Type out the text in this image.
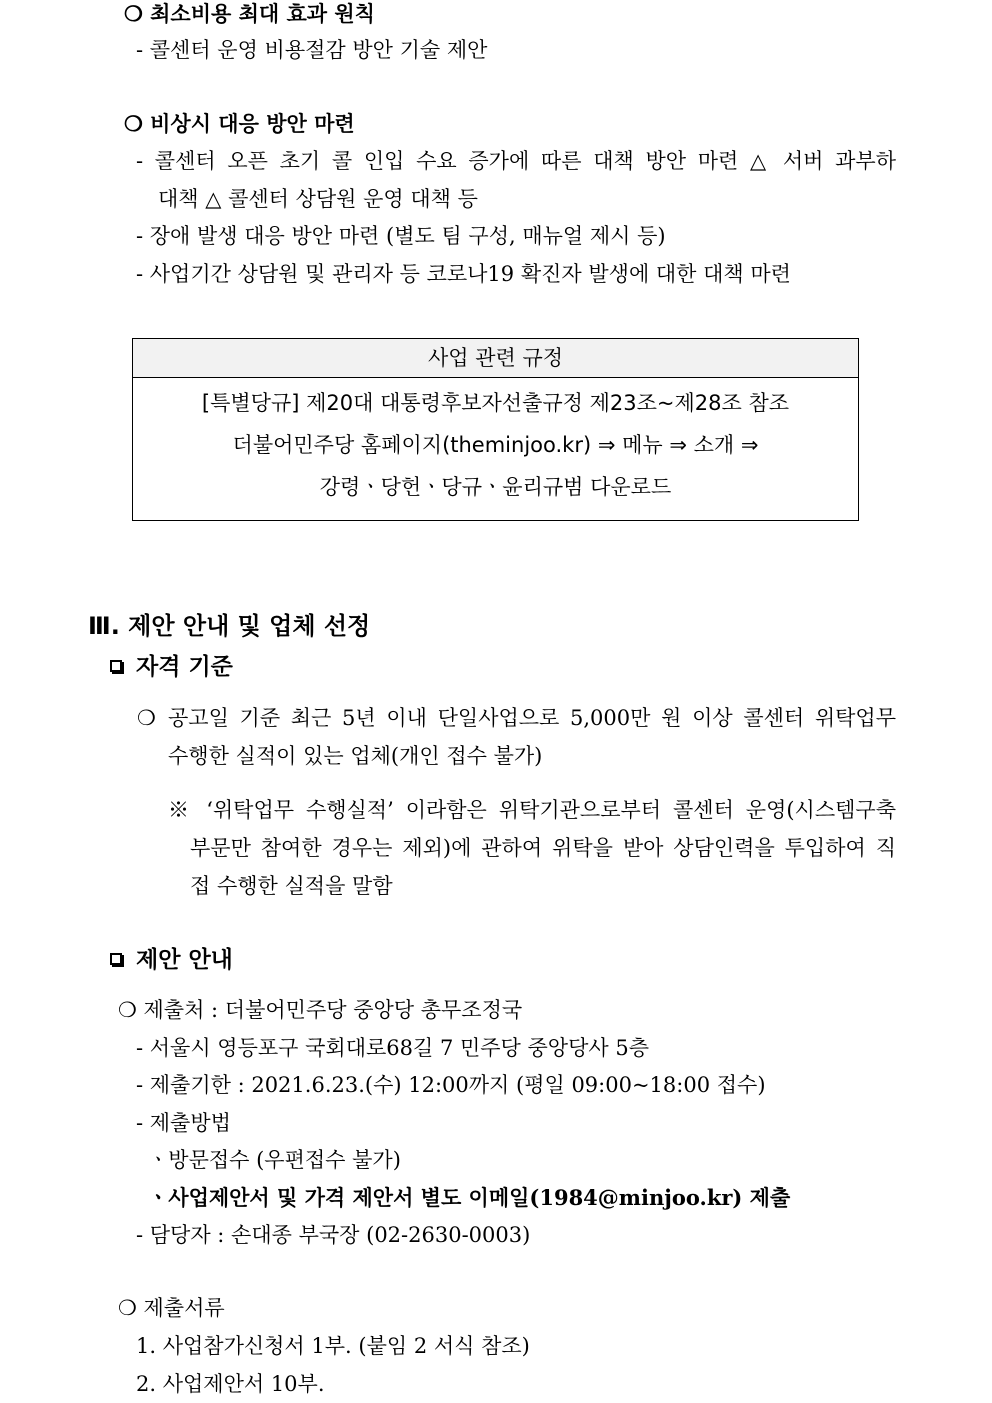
❍ 최소비용 최대 효과 원칙
- 콜센터 운영 비용절감 방안 기술 제안
❍ 비상시 대응 방안 마련
- 콜센터 오픈 초기 콜 인입 수요 증가에 따른 대책 방안 마련 △ 서버 과부하
대책 △ 콜센터 상담원 운영 대책 등
- 장애 발생 대응 방안 마련 (별도 팀 구성, 매뉴얼 제시 등)
- 사업기간 상담원 및 관리자 등 코로나19 확진자 발생에 대한 대책 마련
사업 관련 규정
[특별당규] 제20대 대통령후보자선출규정 제23조~제28조 참조
더불어민주당 홈페이지(theminjoo.kr) ⇒ 메뉴 ⇒ 소개 ⇒
강령ㆍ당헌ㆍ당규ㆍ윤리규범 다운로드
Ⅲ. 제안 안내 및 업체 선정
자격 기준
❍ 공고일 기준 최근 5년 이내 단일사업으로 5,000만 원 이상 콜센터 위탁업무
수행한 실적이 있는 업체(개인 접수 불가)
※ ‘위탁업무 수행실적’ 이라함은 위탁기관으로부터 콜센터 운영(시스템구축
부문만 참여한 경우는 제외)에 관하여 위탁을 받아 상담인력을 투입하여 직
접 수행한 실적을 말함
제안 안내
❍ 제출처 : 더불어민주당 중앙당 총무조정국
- 서울시 영등포구 국회대로68길 7 민주당 중앙당사 5층
- 제출기한 : 2021.6.23.(수) 12:00까지 (평일 09:00~18:00 접수)
- 제출방법
ㆍ방문접수 (우편접수 불가)
ㆍ사업제안서 및 가격 제안서 별도 이메일(1984@minjoo.kr) 제출
- 담당자 : 손대종 부국장 (02-2630-0003)
❍ 제출서류
1. 사업참가신청서 1부. (붙임 2 서식 참조)
2. 사업제안서 10부.
